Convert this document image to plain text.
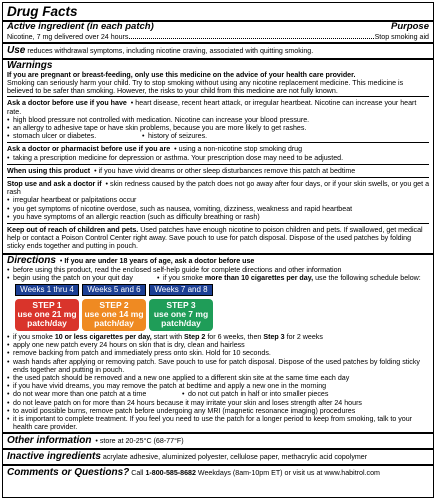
Drug Facts
Active ingredient (in each patch)	Purpose
Nicotine, 7 mg delivered over 24 hours	Stop smoking aid

Use reduces withdrawal symptoms, including nicotine craving, associated with quitting smoking.

Warnings

If you are pregnant or breast-feeding, only use this medicine on the advice of your health care provider.

Smoking can seriously harm your child. Try to stop smoking without using any nicotine replacement medicine. This medicine is believed to be safer than smoking. However, the risks to your child from this medicine are not fully known.

Ask a doctor before use if you have  • heart disease, recent heart attack, or irregular heartbeat. Nicotine can increase your heart rate.

• high blood pressure not controlled with medication. Nicotine can increase your blood pressure.
• an allergy to adhesive tape or have skin problems, because you are more likely to get rashes.
• stomach ulcer or diabetes.	• history of seizures.

Ask a doctor or pharmacist before use if you are  • using a non-nicotine stop smoking drug

• taking a prescription medicine for depression or asthma. Your prescription dose may need to be adjusted.

When using this product  • if you have vivid dreams or other sleep disturbances remove this patch at bedtime

Stop use and ask a doctor if  • skin redness caused by the patch does not go away after four days, or if your skin swells, or you get a rash

• irregular heartbeat or palpitations occur
• you get symptoms of nicotine overdose, such as nausea, vomiting, dizziness, weakness and rapid heartbeat
• you have symptoms of an allergic reaction (such as difficulty breathing or rash)

Keep out of reach of children and pets. Used patches have enough nicotine to poison children and pets. If swallowed, get medical help or contact a Poison Control Center right away. Save pouch to use for patch disposal. Dispose of the used patches by folding sticky ends together and putting in pouch.

Directions  • If you are under 18 years of age, ask a doctor before use

• before using this product, read the enclosed self-help guide for complete directions and other information
• begin using the patch on your quit day	• if you smoke more than 10 cigarettes per day, use the following schedule below:
Weeks 1 thru 4
STEP 1
use one 21 mg
patch/day
Weeks 5 and 6
STEP 2
use one 14 mg
patch/day
Weeks 7 and 8
STEP 3
use one 7 mg
patch/day
• if you smoke 10 or less cigarettes per day, start with Step 2 for 6 weeks, then Step 3 for 2 weeks
• apply one new patch every 24 hours on skin that is dry, clean and hairless
• remove backing from patch and immediately press onto skin. Hold for 10 seconds.
• wash hands after applying or removing patch. Save pouch to use for patch disposal. Dispose of the used patches by folding sticky ends together and putting in pouch.
• the used patch should be removed and a new one applied to a different skin site at the same time each day
• if you have vivid dreams, you may remove the patch at bedtime and apply a new one in the morning
• do not wear more than one patch at a time	• do not cut patch in half or into smaller pieces
• do not leave patch on for more than 24 hours because it may irritate your skin and loses strength after 24 hours
• to avoid possible burns, remove patch before undergoing any MRI (magnetic resonance imaging) procedures
• it is important to complete treatment. If you feel you need to use the patch for a longer period to keep from smoking, talk to your health care provider.

Other information  • store at 20-25°C (68-77°F)

Inactive ingredients acrylate adhesive, aluminized polyester, cellulose paper, methacrylic acid copolymer

Comments or Questions? Call 1-800-585-8682 Weekdays (8am-10pm ET) or visit us at www.habitrol.com
